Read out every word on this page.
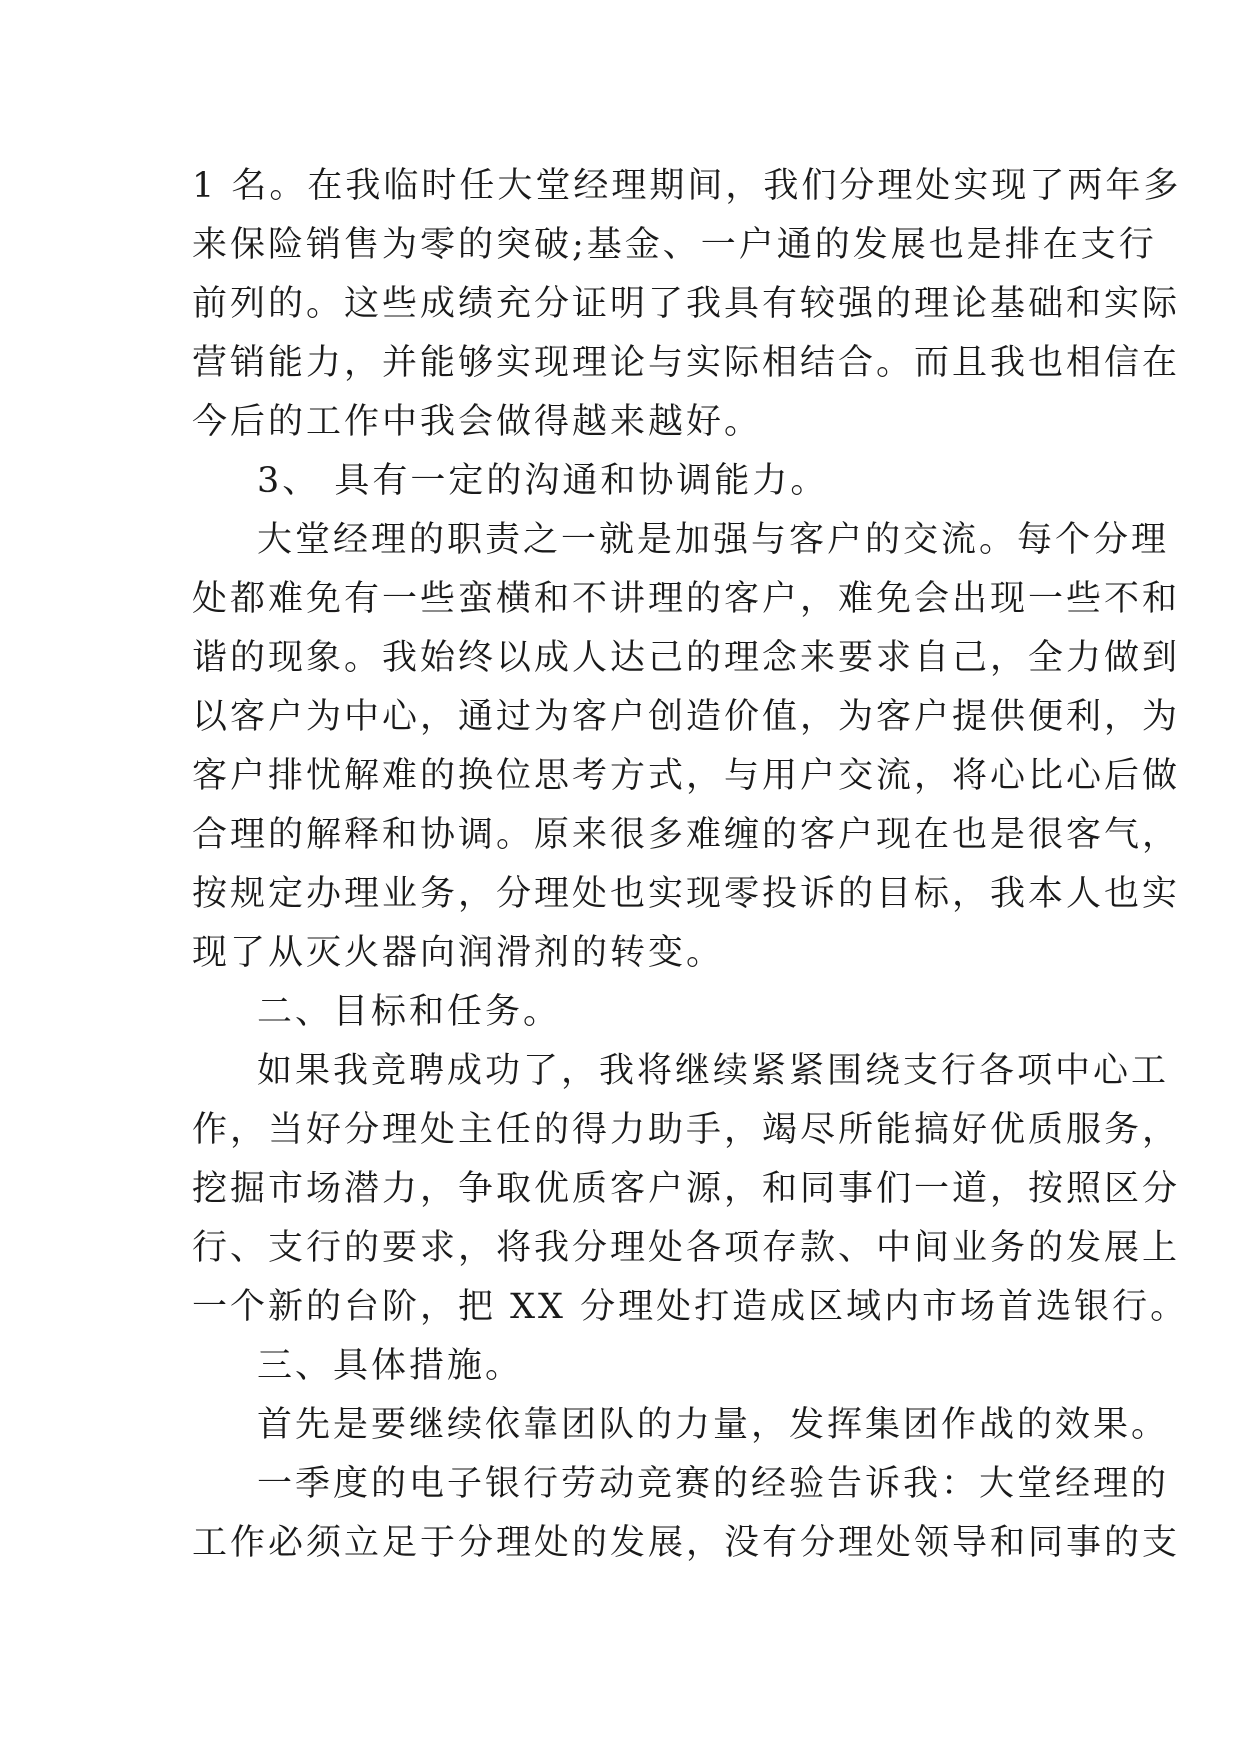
1 名。在我临时任大堂经理期间，我们分理处实现了两年多
来保险销售为零的突破;基金、一户通的发展也是排在支行
前列的。这些成绩充分证明了我具有较强的理论基础和实际
营销能力，并能够实现理论与实际相结合。而且我也相信在
今后的工作中我会做得越来越好。
3、 具有一定的沟通和协调能力。
大堂经理的职责之一就是加强与客户的交流。每个分理
处都难免有一些蛮横和不讲理的客户，难免会出现一些不和
谐的现象。我始终以成人达己的理念来要求自己，全力做到
以客户为中心，通过为客户创造价值，为客户提供便利，为
客户排忧解难的换位思考方式，与用户交流，将心比心后做
合理的解释和协调。原来很多难缠的客户现在也是很客气，
按规定办理业务，分理处也实现零投诉的目标，我本人也实
现了从灭火器向润滑剂的转变。
二、目标和任务。
如果我竞聘成功了，我将继续紧紧围绕支行各项中心工
作，当好分理处主任的得力助手，竭尽所能搞好优质服务，
挖掘市场潜力，争取优质客户源，和同事们一道，按照区分
行、支行的要求，将我分理处各项存款、中间业务的发展上
一个新的台阶，把 XX 分理处打造成区域内市场首选银行。
三、具体措施。
首先是要继续依靠团队的力量，发挥集团作战的效果。
一季度的电子银行劳动竞赛的经验告诉我：大堂经理的
工作必须立足于分理处的发展，没有分理处领导和同事的支
